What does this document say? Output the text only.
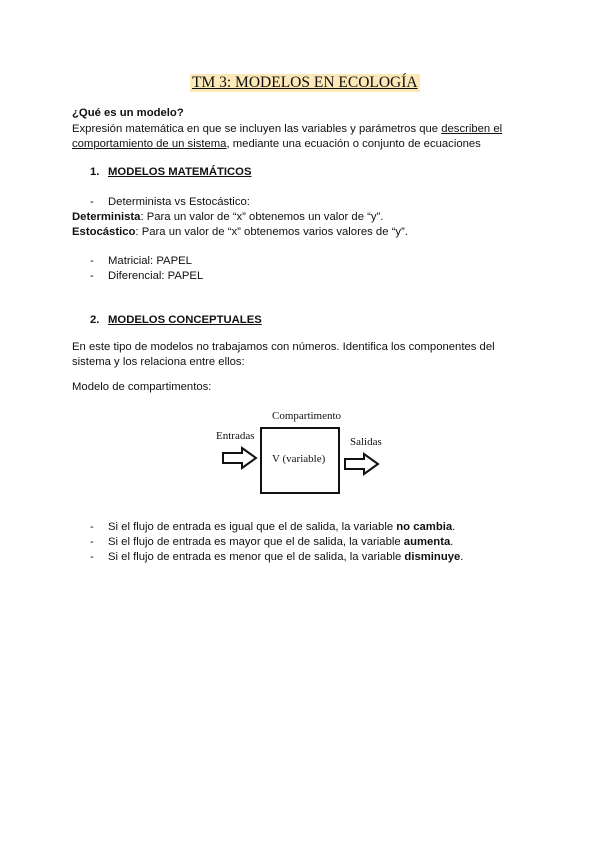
TM 3: MODELOS EN ECOLOGÍA
¿Qué es un modelo?
Expresión matemática en que se incluyen las variables y parámetros que describen el
comportamiento de un sistema, mediante una ecuación o conjunto de ecuaciones
1. MODELOS MATEMÁTICOS
- Determinista vs Estocástico:
Determinista: Para un valor de “x” obtenemos un valor de “y”.
Estocástico: Para un valor de “x” obtenemos varios valores de “y”.
- Matricial: PAPEL
- Diferencial: PAPEL
2. MODELOS CONCEPTUALES
En este tipo de modelos no trabajamos con números. Identifica los componentes del
sistema y los relaciona entre ellos:
Modelo de compartimentos:
Compartimento
Entradas	Salidas
V (variable)
- Si el flujo de entrada es igual que el de salida, la variable no cambia.
- Si el flujo de entrada es mayor que el de salida, la variable aumenta.
- Si el flujo de entrada es menor que el de salida, la variable disminuye.
